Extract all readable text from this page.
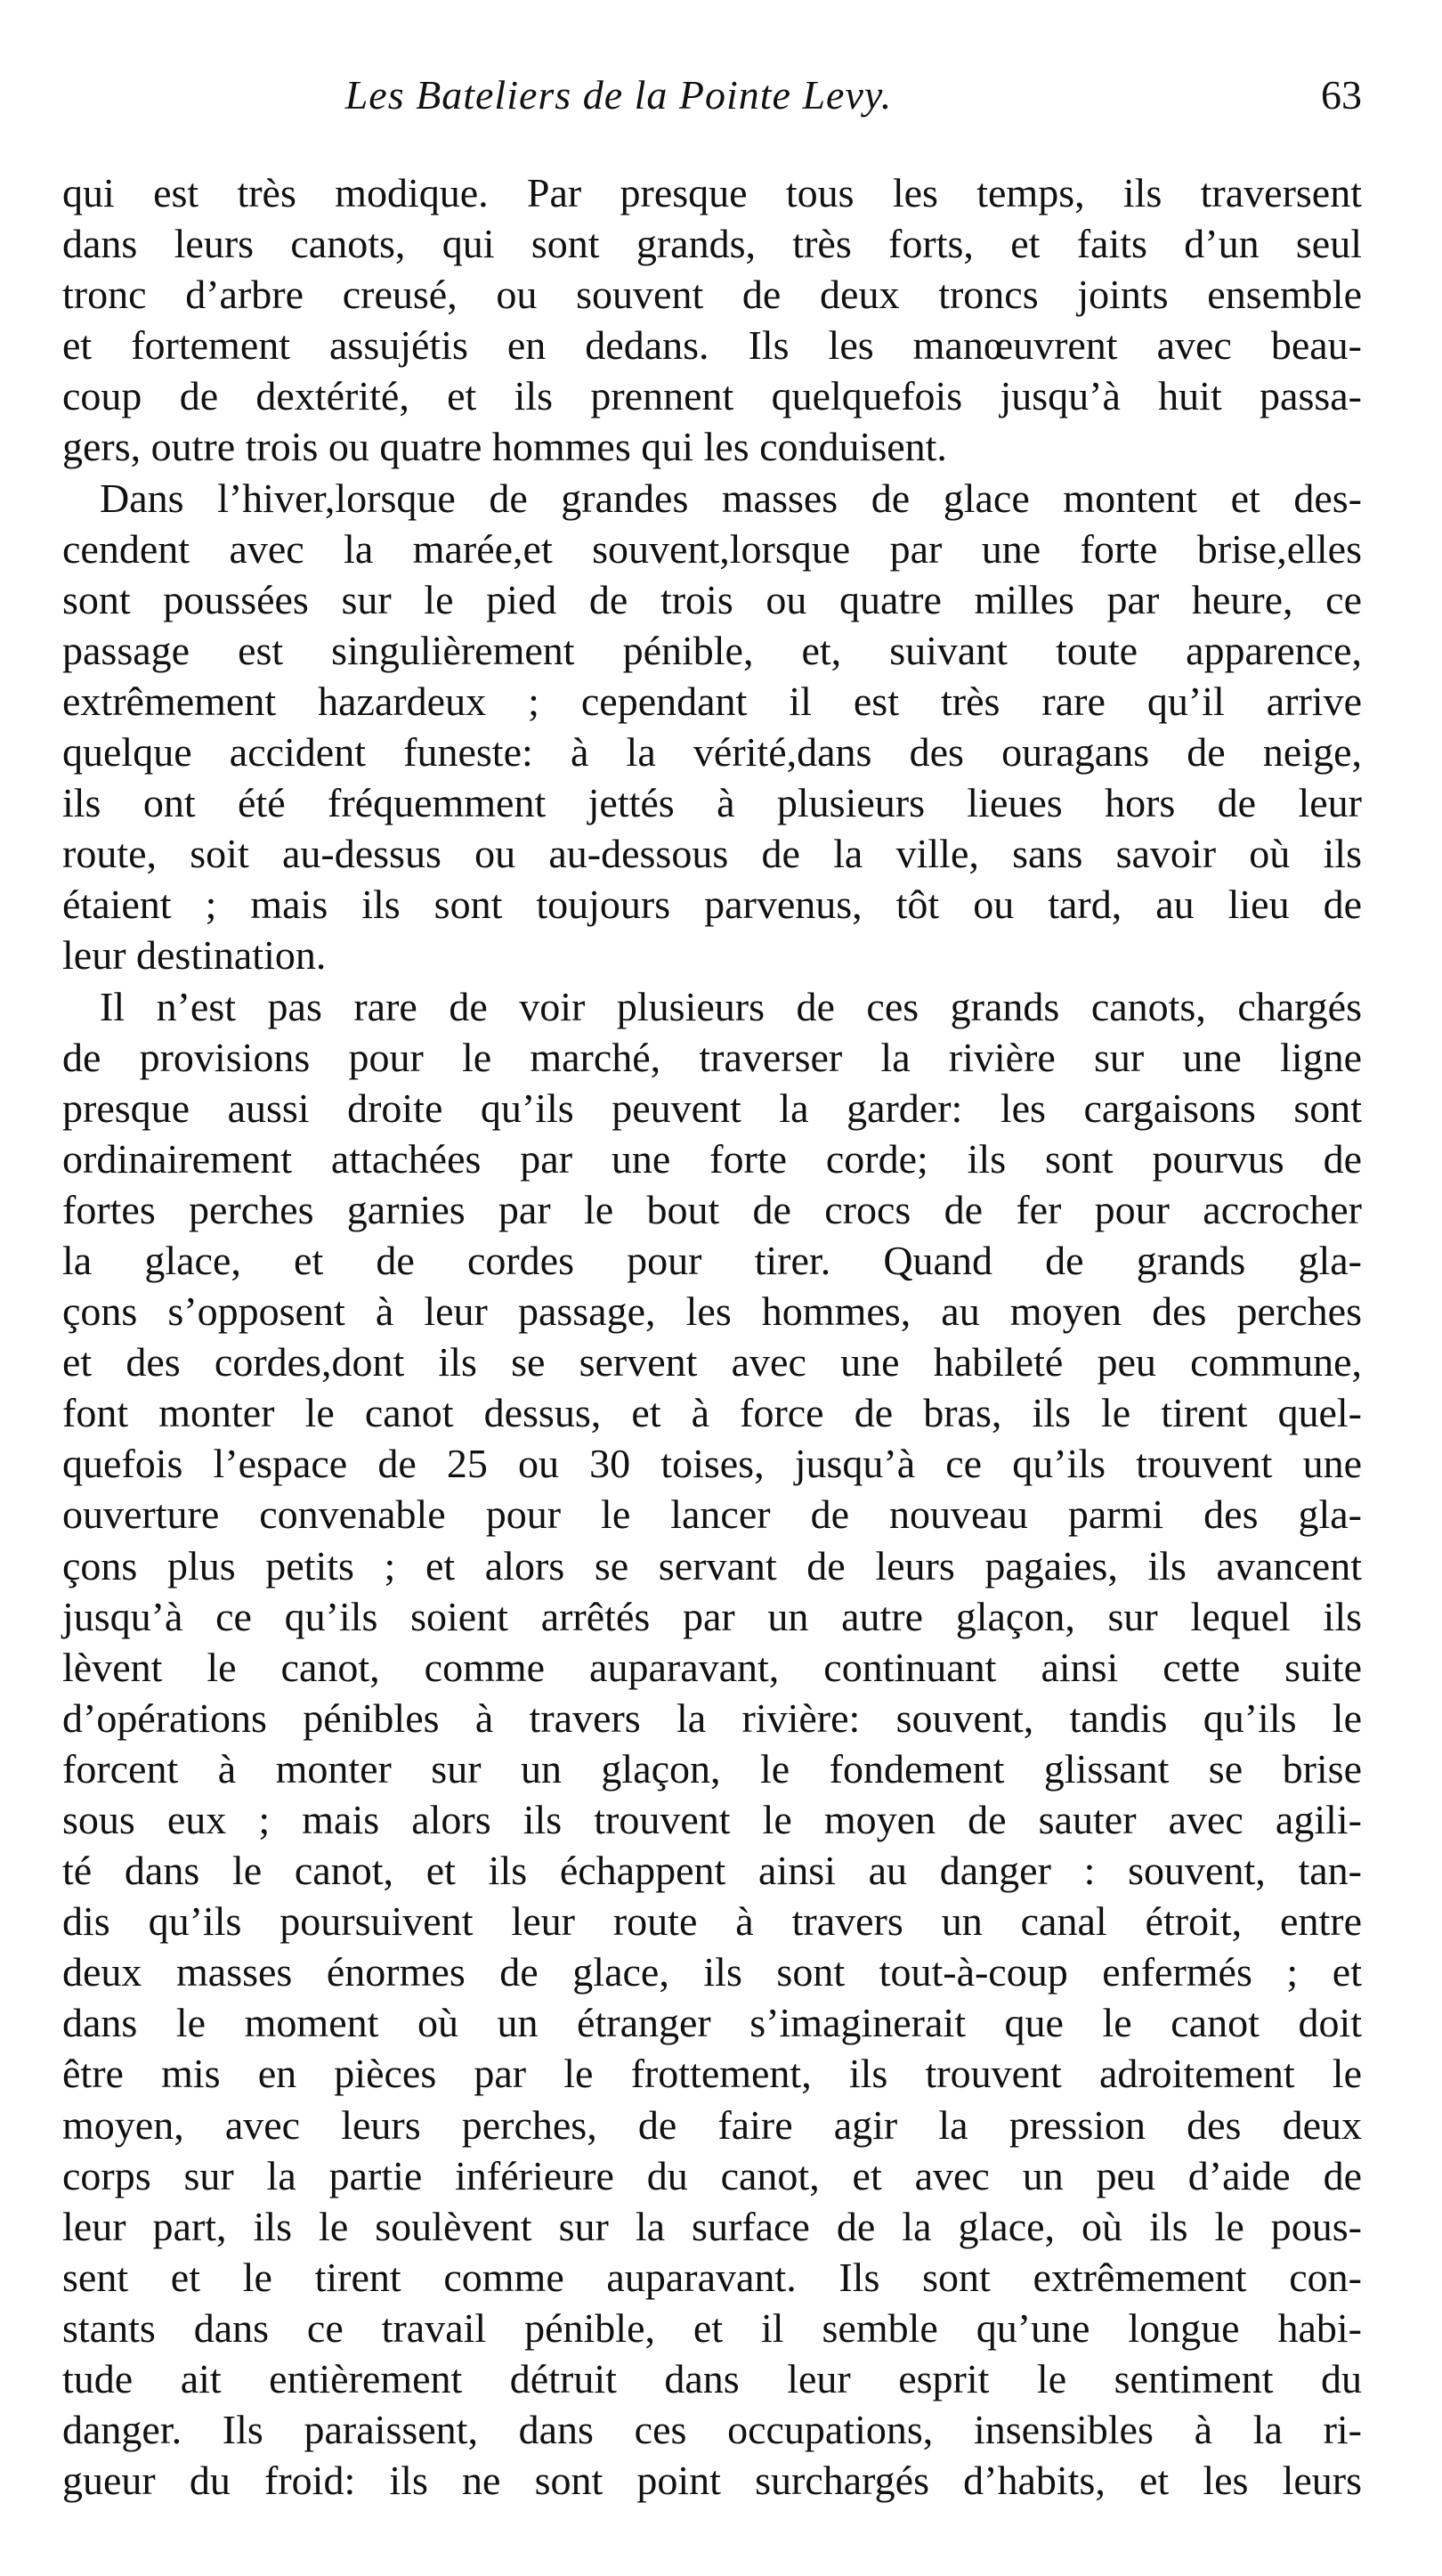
Les Bateliers de la Pointe Levy.	63
qui est très modique. Par presque tous les temps, ils traversent
dans leurs canots, qui sont grands, très forts, et faits d’un seul
tronc d’arbre creusé, ou souvent de deux troncs joints ensemble
et fortement assujétis en dedans. Ils les manœuvrent avec beau-
coup de dextérité, et ils prennent quelquefois jusqu’à huit passa-
gers, outre trois ou quatre hommes qui les conduisent.
Dans l’hiver,lorsque de grandes masses de glace montent et des-
cendent avec la marée,et souvent,lorsque par une forte brise,elles
sont poussées sur le pied de trois ou quatre milles par heure, ce
passage est singulièrement pénible, et, suivant toute apparence,
extrêmement hazardeux ; cependant il est très rare qu’il arrive
quelque accident funeste: à la vérité,dans des ouragans de neige,
ils ont été fréquemment jettés à plusieurs lieues hors de leur
route, soit au-dessus ou au-dessous de la ville, sans savoir où ils
étaient ; mais ils sont toujours parvenus, tôt ou tard, au lieu de
leur destination.
Il n’est pas rare de voir plusieurs de ces grands canots, chargés
de provisions pour le marché, traverser la rivière sur une ligne
presque aussi droite qu’ils peuvent la garder: les cargaisons sont
ordinairement attachées par une forte corde; ils sont pourvus de
fortes perches garnies par le bout de crocs de fer pour accrocher
la glace, et de cordes pour tirer. Quand de grands gla-
çons s’opposent à leur passage, les hommes, au moyen des perches
et des cordes,dont ils se servent avec une habileté peu commune,
font monter le canot dessus, et à force de bras, ils le tirent quel-
quefois l’espace de 25 ou 30 toises, jusqu’à ce qu’ils trouvent une
ouverture convenable pour le lancer de nouveau parmi des gla-
çons plus petits ; et alors se servant de leurs pagaies, ils avancent
jusqu’à ce qu’ils soient arrêtés par un autre glaçon, sur lequel ils
lèvent le canot, comme auparavant, continuant ainsi cette suite
d’opérations pénibles à travers la rivière: souvent, tandis qu’ils le
forcent à monter sur un glaçon, le fondement glissant se brise
sous eux ; mais alors ils trouvent le moyen de sauter avec agili-
té dans le canot, et ils échappent ainsi au danger : souvent, tan-
dis qu’ils poursuivent leur route à travers un canal étroit, entre
deux masses énormes de glace, ils sont tout-à-coup enfermés ; et
dans le moment où un étranger s’imaginerait que le canot doit
être mis en pièces par le frottement, ils trouvent adroitement le
moyen, avec leurs perches, de faire agir la pression des deux
corps sur la partie inférieure du canot, et avec un peu d’aide de
leur part, ils le soulèvent sur la surface de la glace, où ils le pous-
sent et le tirent comme auparavant. Ils sont extrêmement con-
stants dans ce travail pénible, et il semble qu’une longue habi-
tude ait entièrement détruit dans leur esprit le sentiment du
danger. Ils paraissent, dans ces occupations, insensibles à la ri-
gueur du froid: ils ne sont point surchargés d’habits, et les leurs
